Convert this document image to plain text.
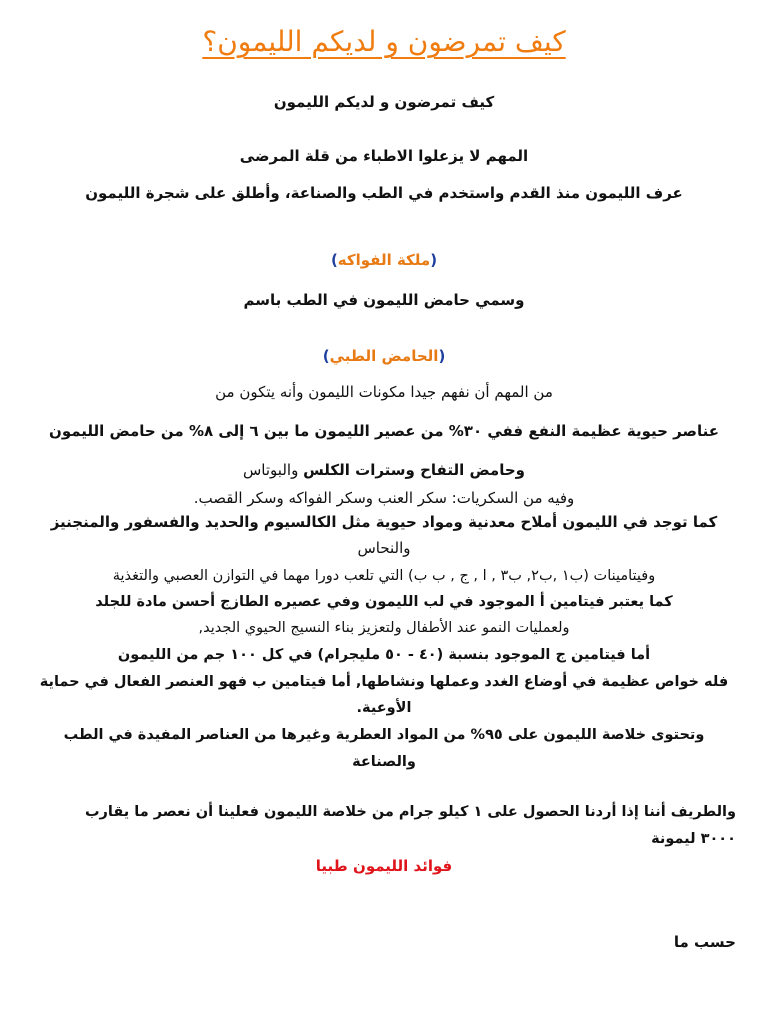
كيف تمرضون و لديكم الليمون؟
كيف تمرضون و لديكم الليمون
المهم لا يزعلوا الاطباء من قلة المرضى
عرف الليمون منذ القدم واستخدم في الطب والصناعة، وأطلق على شجرة الليمون
(ملكة الفواكه)
وسمي حامض الليمون في الطب باسم
(الحامض الطبي)
من المهم أن نفهم جيدا مكونات الليمون وأنه يتكون من
عناصر حيوية عظيمة النفع ففي ٣٠% من عصير الليمون ما بين ٦ إلى ٨% من حامض الليمون
وحامض التفاح وسترات الكلس والبوتاس
وفيه من السكريات: سكر العنب وسكر الفواكه وسكر القصب.
كما توجد في الليمون أملاح معدنية ومواد حيوية مثل الكالسيوم والحديد والفسفور والمنجنيز
والنحاس
وفيتامينات (ب١ ,ب٢, ب٣ , ا , ج , ب ب) التي تلعب دورا مهما في التوازن العصبي والتغذية
كما يعتبر فيتامين أ الموجود في لب الليمون وفي عصيره الطازج أحسن مادة للجلد
ولعمليات النمو عند الأطفال ولتعزيز بناء النسيج الحيوي الجديد,
أما فيتامين ج الموجود بنسبة (٤٠ - ٥٠ مليجرام) في كل ١٠٠ جم من الليمون
فله خواص عظيمة في أوضاع الغدد وعملها ونشاطها, أما فيتامين ب فهو العنصر الفعال في حماية
الأوعية.
وتحتوى خلاصة الليمون على ٩٥% من المواد العطرية وغيرها من العناصر المفيدة في الطب
والصناعة
والطريف أننا إذا أردنا الحصول على ١ كيلو جرام من خلاصة الليمون فعلينا أن نعصر ما يقارب
٣٠٠٠ ليمونة
فوائد الليمون طبيا
حسب ما
